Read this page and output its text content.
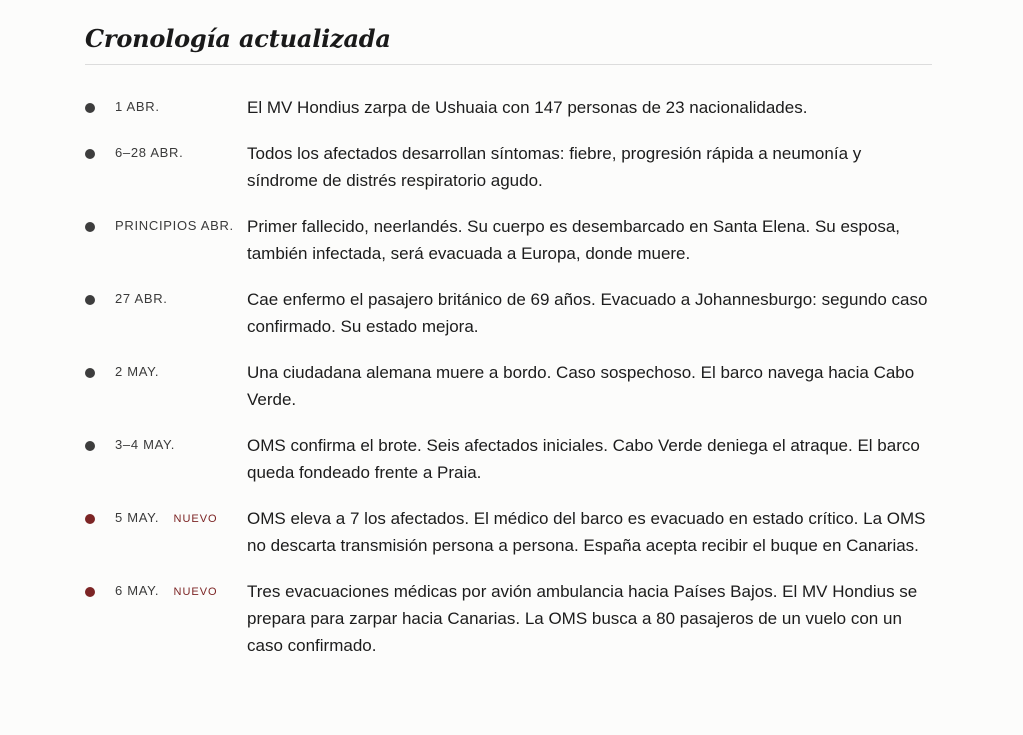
Cronología actualizada
1 ABR.	El MV Hondius zarpa de Ushuaia con 147 personas de 23 nacionalidades.
6–28 ABR.	Todos los afectados desarrollan síntomas: fiebre, progresión rápida a neumonía y síndrome de distrés respiratorio agudo.
PRINCIPIOS ABR. Primer fallecido, neerlandés. Su cuerpo es desembarcado en Santa Elena. Su esposa, también infectada, será evacuada a Europa, donde muere.
27 ABR.	Cae enfermo el pasajero británico de 69 años. Evacuado a Johannesburgo: segundo caso confirmado. Su estado mejora.
2 MAY.	Una ciudadana alemana muere a bordo. Caso sospechoso. El barco navega hacia Cabo Verde.
3–4 MAY.	OMS confirma el brote. Seis afectados iniciales. Cabo Verde deniega el atraque. El barco queda fondeado frente a Praia.
5 MAY. NUEVO	OMS eleva a 7 los afectados. El médico del barco es evacuado en estado crítico. La OMS no descarta transmisión persona a persona. España acepta recibir el buque en Canarias.
6 MAY. NUEVO	Tres evacuaciones médicas por avión ambulancia hacia Países Bajos. El MV Hondius se prepara para zarpar hacia Canarias. La OMS busca a 80 pasajeros de un vuelo con un caso confirmado.
